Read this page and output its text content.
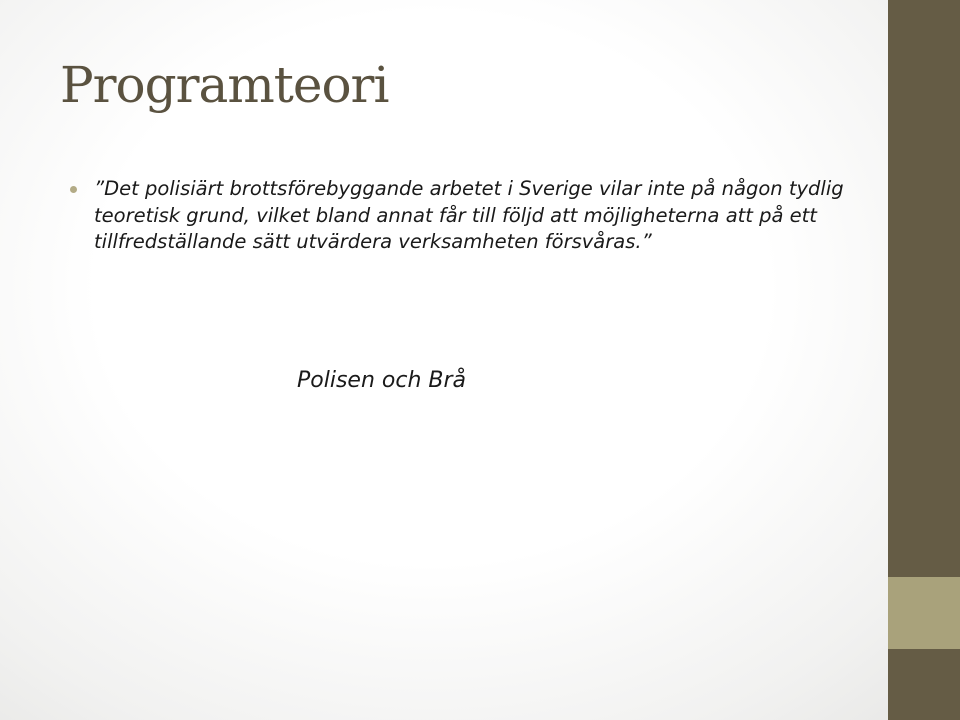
Programteori
”Det polisiärt brottsförebyggande arbetet i Sverige vilar inte på någon tydlig teoretisk grund, vilket bland annat får till följd att möjligheterna att på ett tillfredställande sätt utvärdera verksamheten försvåras.”
Polisen och Brå
